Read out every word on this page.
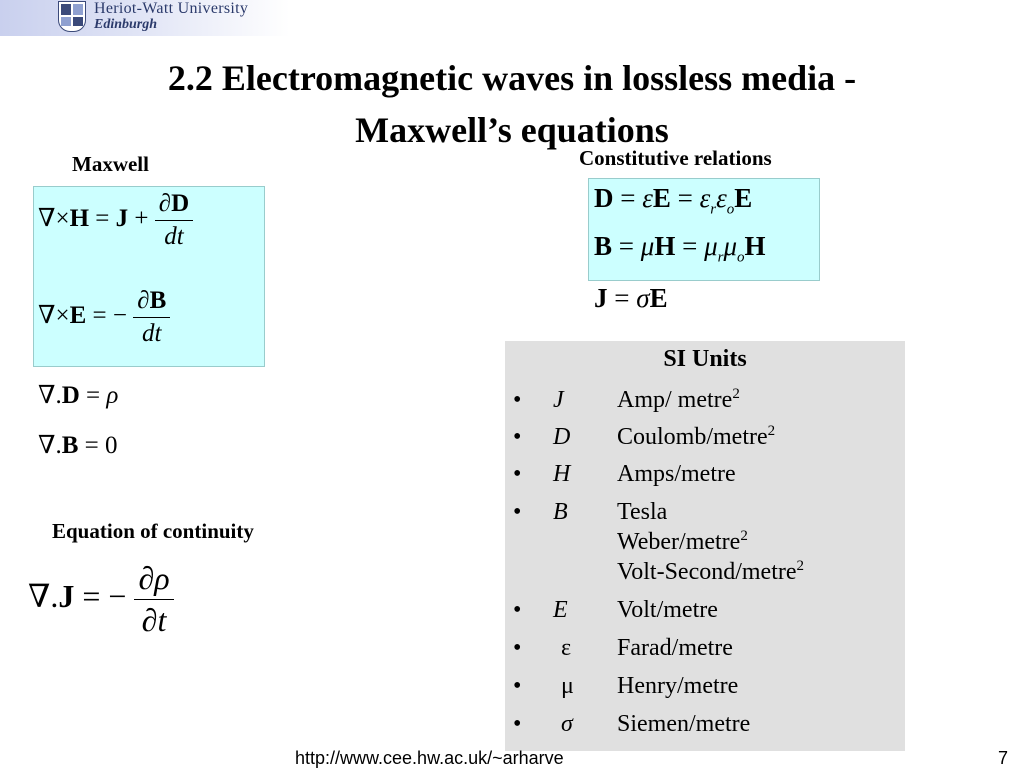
Heriot-Watt University
Edinburgh
2.2 Electromagnetic waves in lossless media -
Maxwell’s equations
Maxwell
$\nabla\times H = J + \frac{\partial D}{dt}$
∇×E = − $\frac{\partial B}{dt}$
∇.D = ρ
∇.B = 0
Constitutive relations
$D = \varepsilon E = \varepsilon_r\varepsilon_oE$
$B = \mu H = \mu_r\mu_oH$
J = σE
Equation of continuity
∇.J = − $\frac{\partial\rho}{\partial t}$
SI Units
•	J Amp/ metre$^2$
•	D Coulomb/metre$^2$
•	H Amps/metre
•	B Tesla
Weber/metre$^2$
Volt-Second/metre$^2$
•	E Volt/metre
•	ε Farad/metre
•	μ Henry/metre
•	σ Siemen/metre
http://www.cee.hw.ac.uk/~arharve	7
